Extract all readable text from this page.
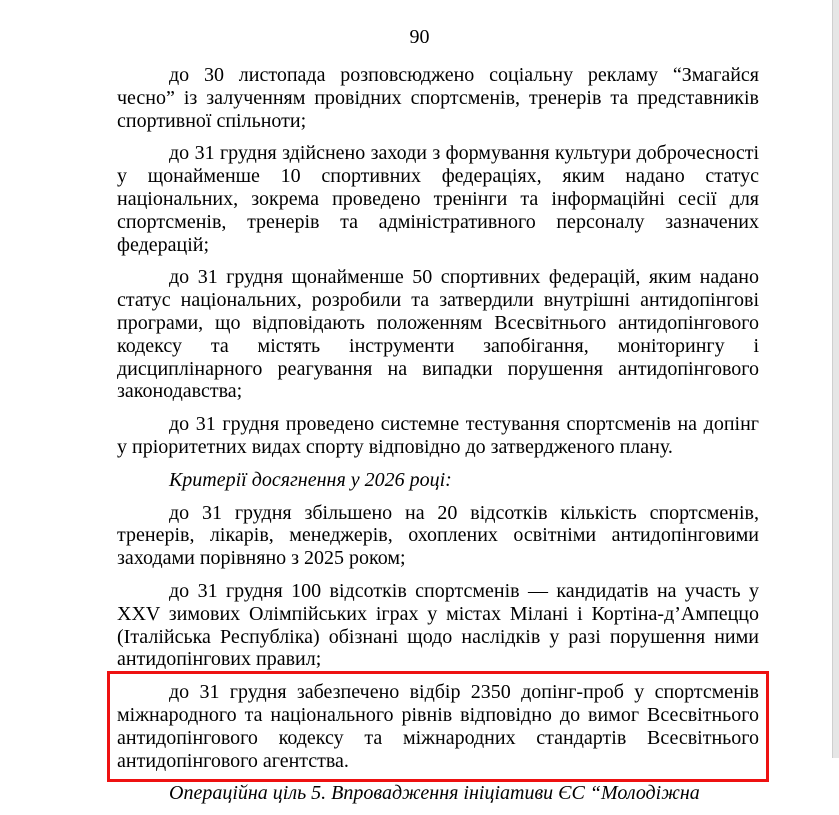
90

до 30 листопада розповсюджено соціальну рекламу “Змагайся чесно” із залученням провідних спортсменів, тренерів та представників спортивної спільноти;

до 31 грудня здійснено заходи з формування культури доброчесності у щонайменше 10 спортивних федераціях, яким надано статус національних, зокрема проведено тренінги та інформаційні сесії для спортсменів, тренерів та адміністративного персоналу зазначених федерацій;

до 31 грудня щонайменше 50 спортивних федерацій, яким надано статус національних, розробили та затвердили внутрішні антидопінгові програми, що відповідають положенням Всесвітнього антидопінгового кодексу та містять інструменти запобігання, моніторингу і дисциплінарного реагування на випадки порушення антидопінгового законодавства;

до 31 грудня проведено системне тестування спортсменів на допінг у пріоритетних видах спорту відповідно до затвердженого плану.

Критерії досягнення у 2026 році:

до 31 грудня збільшено на 20 відсотків кількість спортсменів, тренерів, лікарів, менеджерів, охоплених освітніми антидопінговими заходами порівняно з 2025 роком;

до 31 грудня 100 відсотків спортсменів — кандидатів на участь у XXV зимових Олімпійських іграх у містах Мілані і Кортіна-д’Ампеццо (Італійська Республіка) обізнані щодо наслідків у разі порушення ними антидопінгових правил;

до 31 грудня забезпечено відбір 2350 допінг-проб у спортсменів міжнародного та національного рівнів відповідно до вимог Всесвітнього антидопінгового кодексу та міжнародних стандартів Всесвітнього антидопінгового агентства.

Операційна ціль 5. Впровадження ініціативи ЄС “Молодіжна
